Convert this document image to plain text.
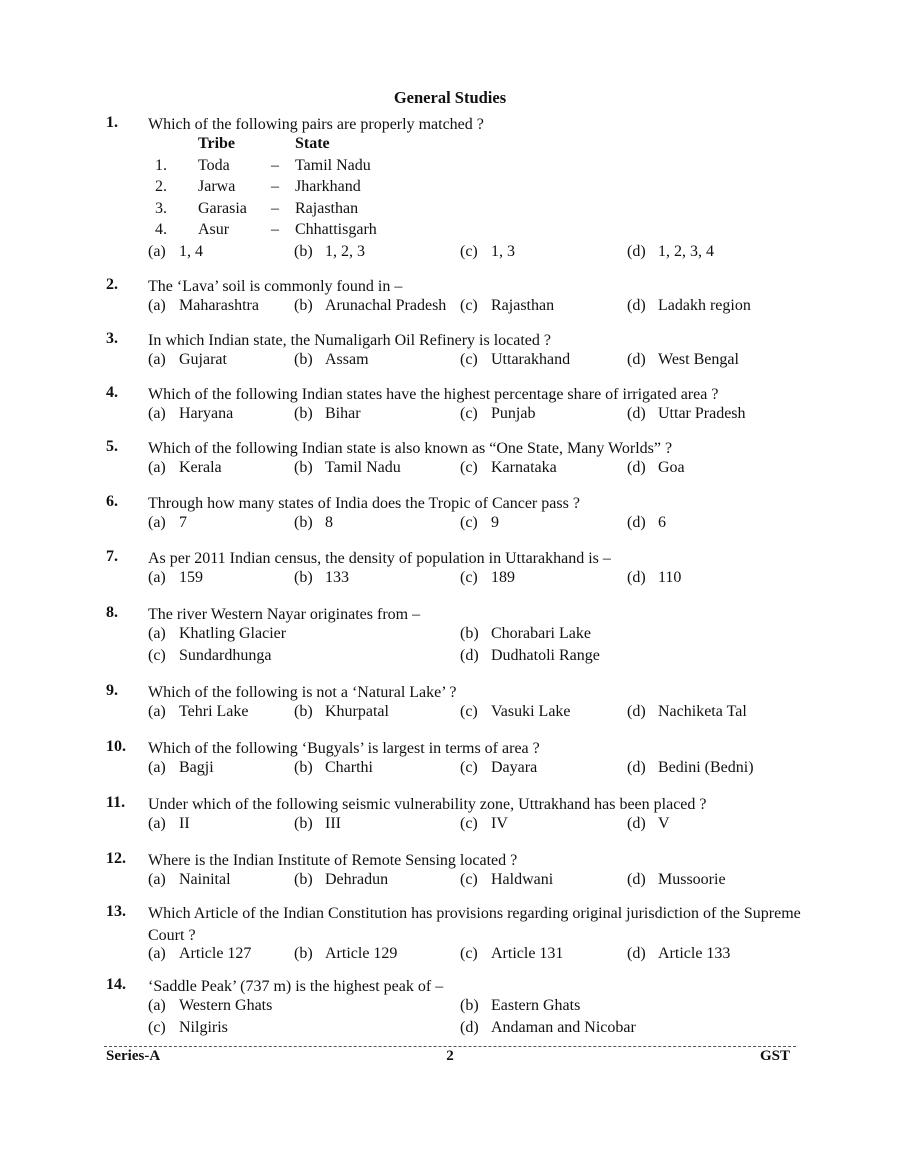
General Studies
1.	Which of the following pairs are properly matched ?
Tribe	State
1.	Toda	–	Tamil Nadu
2.	Jarwa	–	Jharkhand
3.	Garasia	–	Rajasthan
4.	Asur	–	Chhattisgarh
(a) 1, 4	(b) 1, 2, 3	(c) 1, 3	(d) 1, 2, 3, 4
2.	The ‘Lava’ soil is commonly found in –
(a) Maharashtra (b) Arunachal Pradesh (c) Rajasthan	(d) Ladakh region
3.	In which Indian state, the Numaligarh Oil Refinery is located ?
(a) Gujarat	(b) Assam	(c) Uttarakhand	(d) West Bengal
4.	Which of the following Indian states have the highest percentage share of irrigated area ?
(a) Haryana	(b) Bihar	(c) Punjab	(d) Uttar Pradesh
5.	Which of the following Indian state is also known as “One State, Many Worlds” ?
(a) Kerala	(b) Tamil Nadu	(c) Karnataka	(d) Goa
6.	Through how many states of India does the Tropic of Cancer pass ?
(a) 7	(b) 8	(c) 9	(d) 6
7.	As per 2011 Indian census, the density of population in Uttarakhand is –
(a) 159	(b) 133	(c) 189	(d) 110
8.	The river Western Nayar originates from –
(a) Khatling Glacier	(b) Chorabari Lake
(c) Sundardhunga	(d) Dudhatoli Range
9.	Which of the following is not a ‘Natural Lake’ ?
(a) Tehri Lake	(b) Khurpatal	(c) Vasuki Lake	(d) Nachiketa Tal
10.	Which of the following ‘Bugyals’ is largest in terms of area ?
(a) Bagji	(b) Charthi	(c) Dayara	(d) Bedini (Bedni)
11.	Under which of the following seismic vulnerability zone, Uttrakhand has been placed ?
(a) II	(b) III	(c) IV	(d) V
12.	Where is the Indian Institute of Remote Sensing located ?
(a) Nainital	(b) Dehradun	(c) Haldwani	(d) Mussoorie
13.	Which Article of the Indian Constitution has provisions regarding original jurisdiction of the Supreme Court ?
(a) Article 127	(b) Article 129	(c) Article 131	(d) Article 133
14.	‘Saddle Peak’ (737 m) is the highest peak of –
(a) Western Ghats	(b) Eastern Ghats
(c) Nilgiris	(d) Andaman and Nicobar
Series-A	2	GST
